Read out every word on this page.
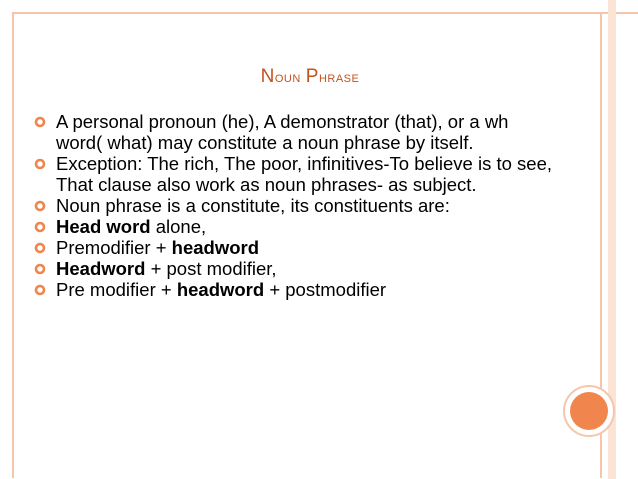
Noun Phrase
A personal pronoun (he), A demonstrator (that), or a wh word( what) may constitute a noun phrase by itself.
Exception: The rich, The poor, infinitives-To believe is to see, That clause also work as noun phrases- as subject.
Noun phrase is a constitute, its constituents are:
Head word alone,
Premodifier + headword
Headword + post modifier,
Pre modifier + headword + postmodifier
